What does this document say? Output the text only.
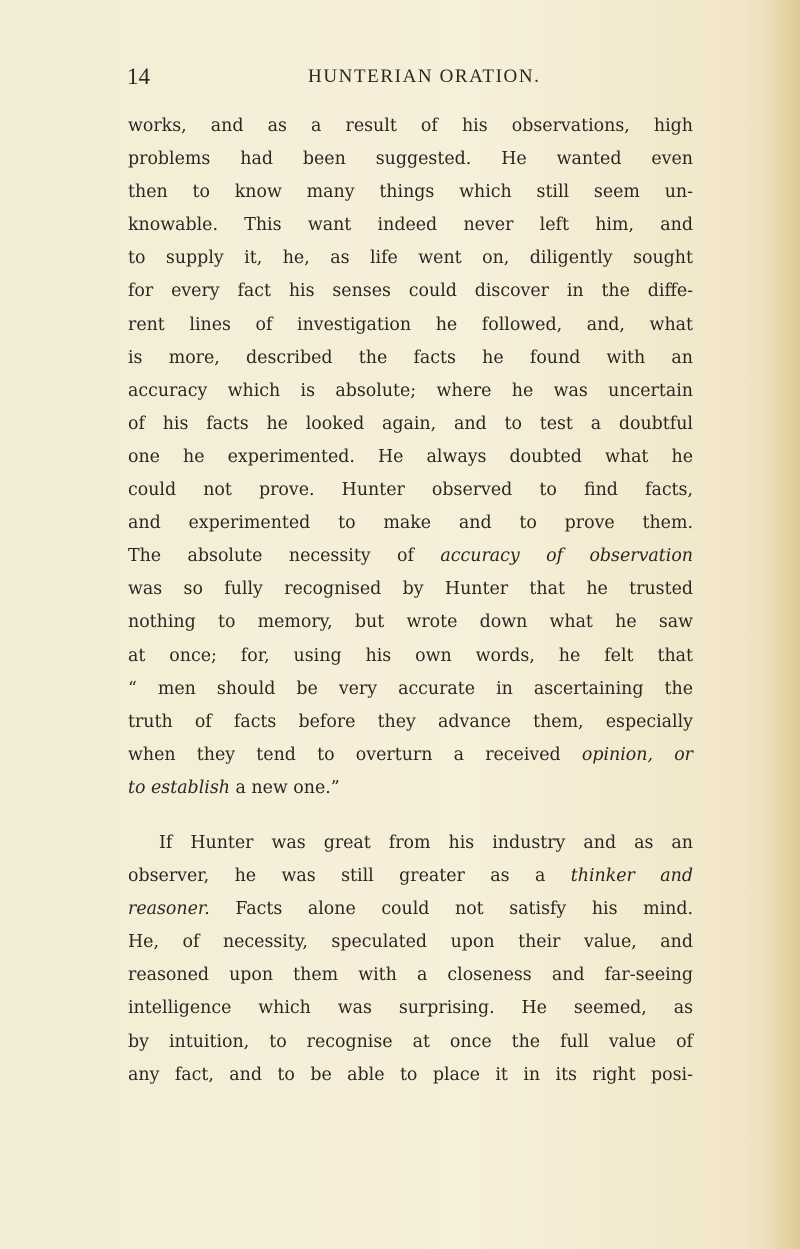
14	HUNTERIAN ORATION.
works, and as a result of his observations, high
problems had been suggested. He wanted even
then to know many things which still seem un-
knowable. This want indeed never left him, and
to supply it, he, as life went on, diligently sought
for every fact his senses could discover in the diffe-
rent lines of investigation he followed, and, what
is more, described the facts he found with an
accuracy which is absolute; where he was uncertain
of his facts he looked again, and to test a doubtful
one he experimented. He always doubted what he
could not prove. Hunter observed to find facts,
and experimented to make and to prove them.
The absolute necessity of accuracy of observation
was so fully recognised by Hunter that he trusted
nothing to memory, but wrote down what he saw
at once; for, using his own words, he felt that
“ men should be very accurate in ascertaining the
truth of facts before they advance them, especially
when they tend to overturn a received opinion, or
to establish a new one.”
If Hunter was great from his industry and as an
observer, he was still greater as a thinker and
reasoner. Facts alone could not satisfy his mind.
He, of necessity, speculated upon their value, and
reasoned upon them with a closeness and far-seeing
intelligence which was surprising. He seemed, as
by intuition, to recognise at once the full value of
any fact, and to be able to place it in its right posi-
